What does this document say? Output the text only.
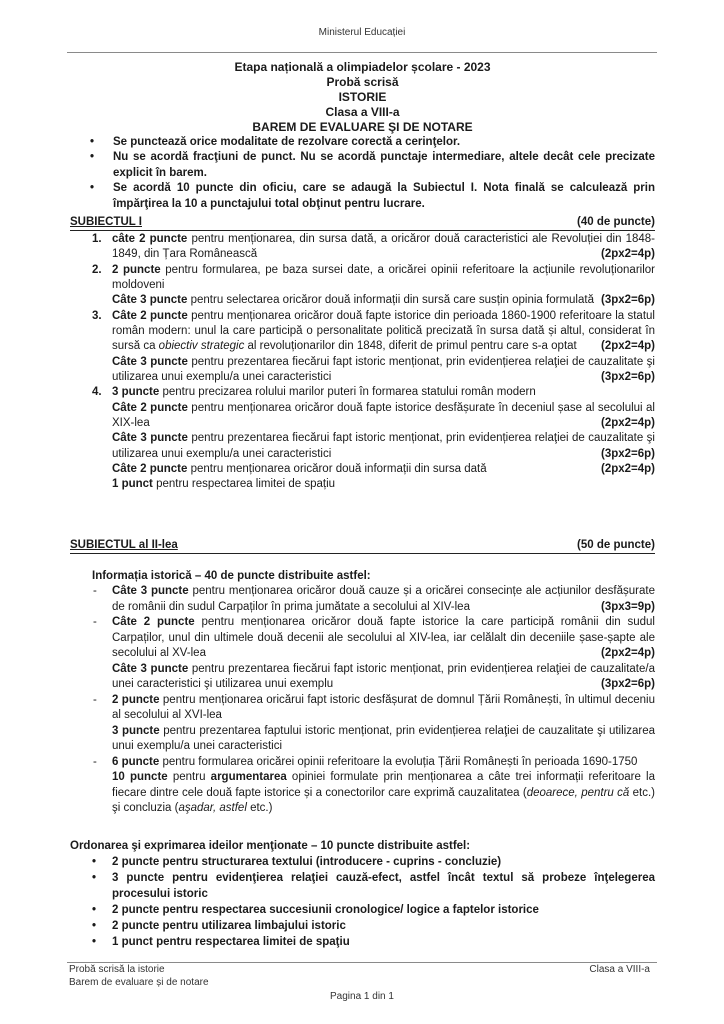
Ministerul Educației
Etapa națională a olimpiadelor școlare - 2023
Probă scrisă
ISTORIE
Clasa a VIII-a
BAREM DE EVALUARE ŞI DE NOTARE
• Se punctează orice modalitate de rezolvare corectă a cerinţelor.
• Nu se acordă fracţiuni de punct. Nu se acordă punctaje intermediare, altele decât cele precizate explicit în barem.
• Se acordă 10 puncte din oficiu, care se adaugă la Subiectul I. Nota finală se calculează prin împărţirea la 10 a punctajului total obţinut pentru lucrare.
SUBIECTUL I	(40 de puncte)
1. câte 2 puncte pentru menționarea, din sursa dată, a oricăror două caracteristici ale Revoluției din 1848-1849, din Țara Românească	(2px2=4p)
2. 2 puncte pentru formularea, pe baza sursei date, a oricărei opinii referitoare la acțiunile revoluționarilor moldoveni
Câte 3 puncte pentru selectarea oricăror două informații din sursă care susțin opinia formulată (3px2=6p)
3. Câte 2 puncte pentru menționarea oricăror două fapte istorice din perioada 1860-1900 referitoare la statul român modern: unul la care participă o personalitate politică precizată în sursa dată și altul, considerat în sursă ca obiectiv strategic al revoluționarilor din 1848, diferit de primul pentru care s-a optat (2px2=4p)
Câte 3 puncte pentru prezentarea fiecărui fapt istoric menționat, prin evidențierea relaţiei de cauzalitate şi utilizarea unui exemplu/a unei caracteristici	(3px2=6p)
4. 3 puncte pentru precizarea rolului marilor puteri în formarea statului român modern
Câte 2 puncte pentru menționarea oricăror două fapte istorice desfășurate în deceniul șase al secolului al XIX-lea	(2px2=4p)
Câte 3 puncte pentru prezentarea fiecărui fapt istoric menționat, prin evidențierea relaţiei de cauzalitate şi utilizarea unui exemplu/a unei caracteristici	(3px2=6p)
Câte 2 puncte pentru menționarea oricăror două informații din sursa dată	(2px2=4p)
1 punct pentru respectarea limitei de spațiu
SUBIECTUL al II-lea	(50 de puncte)
Informația istorică – 40 de puncte distribuite astfel:
- Câte 3 puncte pentru menționarea oricăror două cauze și a oricărei consecințe ale acțiunilor desfășurate de românii din sudul Carpaților în prima jumătate a secolului al XIV-lea	(3px3=9p)
- Câte 2 puncte pentru menționarea oricăror două fapte istorice la care participă românii din sudul Carpaților, unul din ultimele două decenii ale secolului al XIV-lea, iar celălalt din deceniile șase-șapte ale secolului al XV-lea	(2px2=4p)
Câte 3 puncte pentru prezentarea fiecărui fapt istoric menționat, prin evidențierea relaţiei de cauzalitate/a unei caracteristici şi utilizarea unui exemplu	(3px2=6p)
- 2 puncte pentru menționarea oricărui fapt istoric desfășurat de domnul Țării Românești, în ultimul deceniu al secolului al XVI-lea
3 puncte pentru prezentarea faptului istoric menționat, prin evidențierea relaţiei de cauzalitate şi utilizarea unui exemplu/a unei caracteristici
- 6 puncte pentru formularea oricărei opinii referitoare la evoluția Țării Românești în perioada 1690-1750
10 puncte pentru argumentarea opiniei formulate prin menționarea a câte trei informații referitoare la fiecare dintre cele două fapte istorice și a conectorilor care exprimă cauzalitatea (deoarece, pentru că etc.) şi concluzia (aşadar, astfel etc.)
Ordonarea şi exprimarea ideilor menţionate – 10 puncte distribuite astfel:
• 2 puncte pentru structurarea textului (introducere - cuprins - concluzie)
• 3 puncte pentru evidenţierea relaţiei cauză-efect, astfel încât textul să probeze înţelegerea procesului istoric
• 2 puncte pentru respectarea succesiunii cronologice/ logice a faptelor istorice
• 2 puncte pentru utilizarea limbajului istoric
• 1 punct pentru respectarea limitei de spaţiu
Probă scrisă la istorie
Barem de evaluare și de notare
Clasa a VIII-a
Pagina 1 din 1
